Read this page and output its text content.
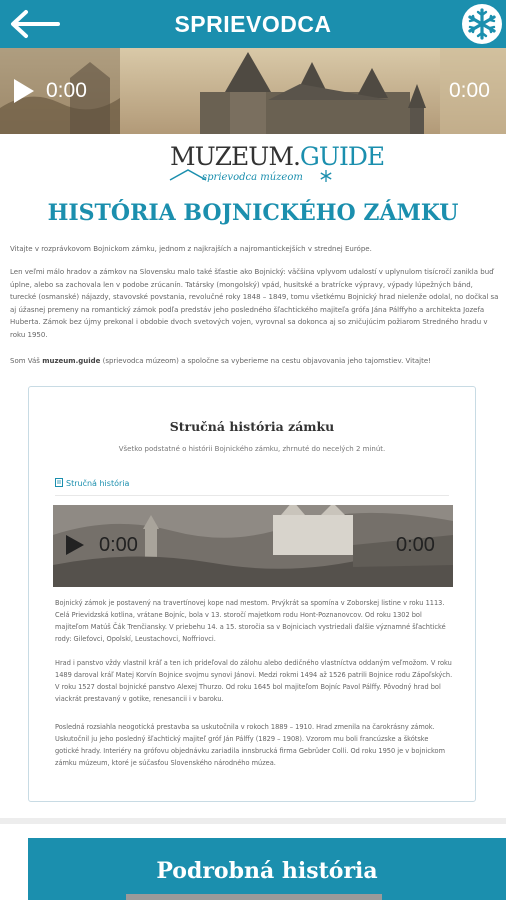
SPRIEVODCA
0:00	0:00
MUZEUM.GUIDE
sprievodca múzeom
HISTÓRIA BOJNICKÉHO ZÁMKU

Vitajte v rozprávkovom Bojnickom zámku, jednom z najkrajších a najromantickejších v strednej Európe.

Len veľmi málo hradov a zámkov na Slovensku malo také šťastie ako Bojnický: väčšina vplyvom udalostí v uplynulom tisícročí zanikla buď úplne, alebo sa zachovala len v podobe zrúcanín. Tatársky (mongolský) vpád, husitské a bratrícke výpravy, výpady lúpežných bánd, turecké (osmanské) nájazdy, stavovské povstania, revolučné roky 1848 – 1849, tomu všetkému Bojnický hrad nielenže odolal, no dočkal sa aj úžasnej premeny na romantický zámok podľa predstáv jeho posledného šľachtického majiteľa grófa Jána Pálffyho a architekta Jozefa Huberta. Zámok bez újmy prekonal i obdobie dvoch svetových vojen, vyrovnal sa dokonca aj so zničujúcim požiarom Stredného hradu v roku 1950.

Som Váš muzeum.guide (sprievodca múzeom) a spoločne sa vyberieme na cestu objavovania jeho tajomstiev. Vitajte!

Stručná história zámku

Všetko podstatné o histórii Bojnického zámku, zhrnuté do necelých 2 minút.

Stručná história
0:00	0:00

Bojnický zámok je postavený na travertínovej kope nad mestom. Prvýkrát sa spomína v Zoborskej listine v roku 1113. Celá Prievidzská kotlina, vrátane Bojníc, bola v 13. storočí majetkom rodu Hont-Poznanovcov. Od roku 1302 bol majiteľom Matúš Čák Trenčiansky. V priebehu 14. a 15. storočia sa v Bojniciach vystriedali ďalšie významné šľachtické rody: Gileťovci, Opolskí, Leustachovci, Noffriovci.

Hrad i panstvo vždy vlastnil kráľ a ten ich prideľoval do zálohu alebo dedičného vlastníctva oddaným veľmožom. V roku 1489 daroval kráľ Matej Korvín Bojnice svojmu synovi Jánovi. Medzi rokmi 1494 až 1526 patrili Bojnice rodu Zápoľských. V roku 1527 dostal bojnické panstvo Alexej Thurzo. Od roku 1645 bol majiteľom Bojníc Pavol Pálffy. Pôvodný hrad bol viackrát prestavaný v gotike, renesancii i v baroku.

Posledná rozsiahla neogotická prestavba sa uskutočnila v rokoch 1889 – 1910. Hrad zmenila na čarokrásny zámok. Uskutočnil ju jeho posledný šľachtický majiteľ gróf Ján Pálffy (1829 – 1908). Vzorom mu boli francúzske a škótske gotické hrady. Interiéry na grófovu objednávku zariadila innsbrucká firma Gebrüder Colli. Od roku 1950 je v bojnickom zámku múzeum, ktoré je súčasťou Slovenského národného múzea.

Podrobná história
